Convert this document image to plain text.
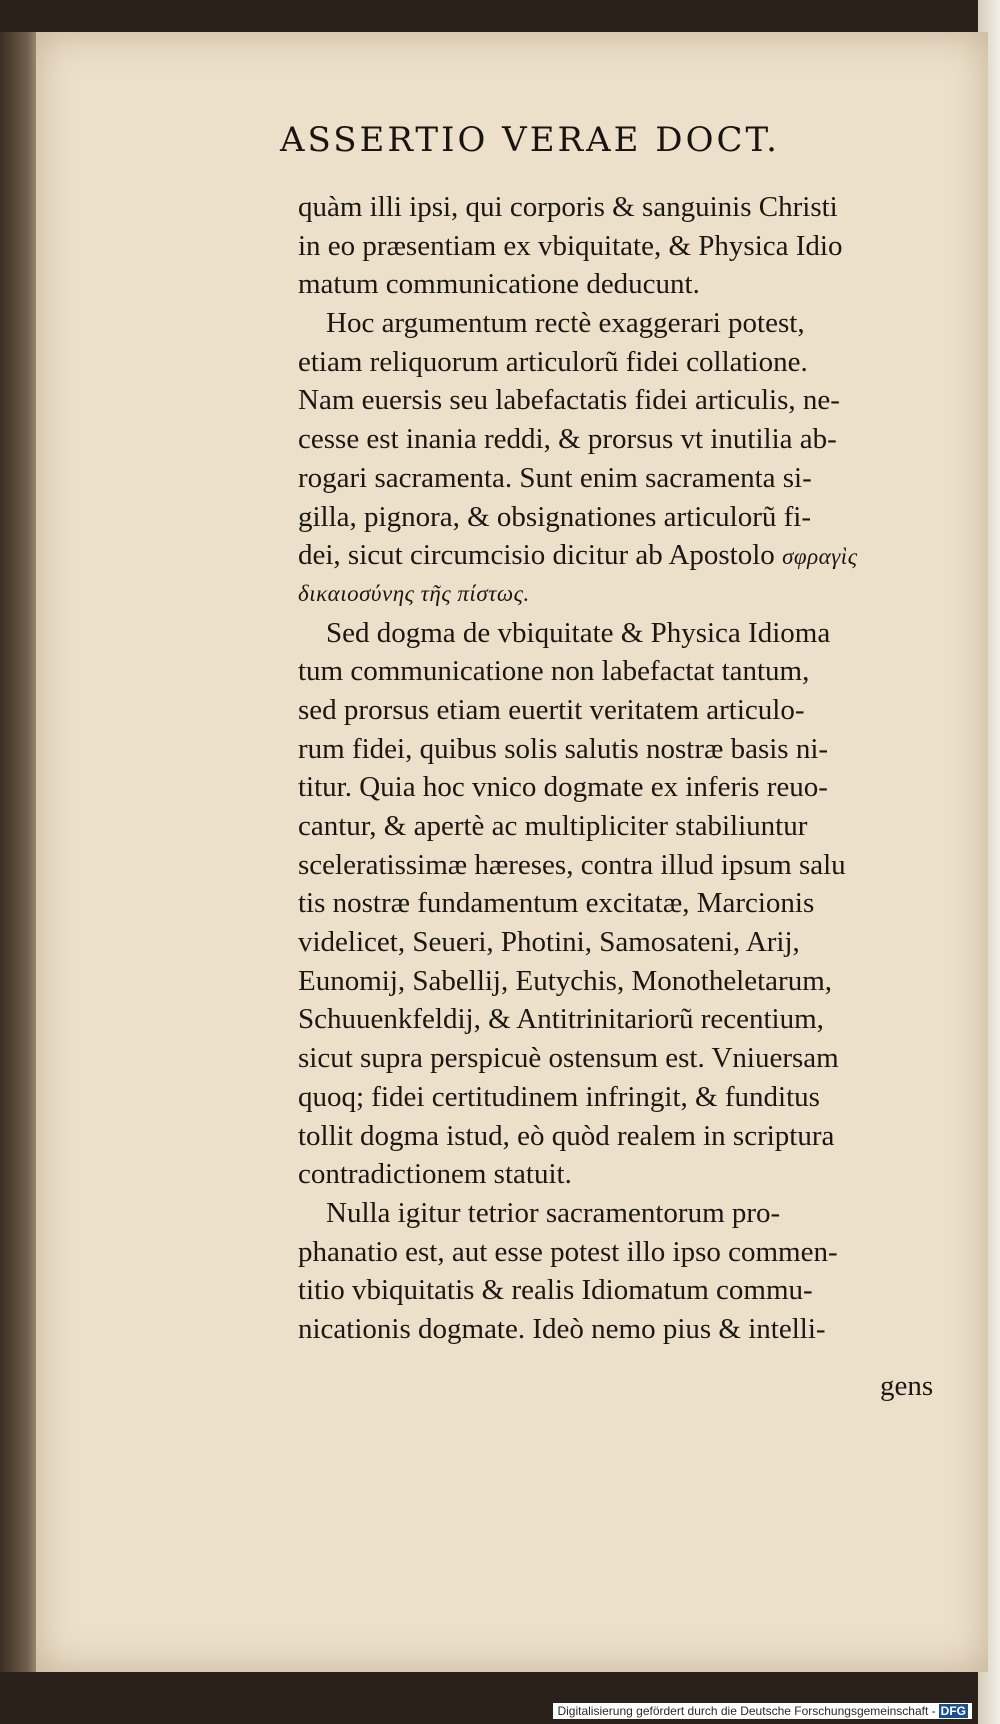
ASSERTIO VERAE DOCT.
quàm illi ipsi, qui corporis & sanguinis Christi
in eo præsentiam ex vbiquitate, & Physica Idio
matum communicatione deducunt.
Hoc argumentum rectè exaggerari potest,
etiam reliquorum articulorũ fidei collatione.
Nam euersis seu labefactatis fidei articulis, ne-
cesse est inania reddi, & prorsus vt inutilia ab-
rogari sacramenta. Sunt enim sacramenta si-
gilla, pignora, & obsignationes articulorũ fi-
dei, sicut circumcisio dicitur ab Apostolo σφραγὶς
δικαιοσύνης τῆς πίστως.
Sed dogma de vbiquitate & Physica Idioma
tum communicatione non labefactat tantum,
sed prorsus etiam euertit veritatem articulo-
rum fidei, quibus solis salutis nostræ basis ni-
titur. Quia hoc vnico dogmate ex inferis reuo-
cantur, & apertè ac multipliciter stabiliuntur
sceleratissimæ hæreses, contra illud ipsum salu
tis nostræ fundamentum excitatæ, Marcionis
videlicet, Seueri, Photini, Samosateni, Arij,
Eunomij, Sabellij, Eutychis, Monotheletarum,
Schuuenkfeldij, & Antitrinitariorũ recentium,
sicut supra perspicuè ostensum est. Vniuersam
quoq; fidei certitudinem infringit, & funditus
tollit dogma istud, eò quòd realem in scriptura
contradictionem statuit.
Nulla igitur tetrior sacramentorum pro-
phanatio est, aut esse potest illo ipso commen-
titio vbiquitatis & realis Idiomatum commu-
nicationis dogmate. Ideò nemo pius & intelli-
gens
Digitalisierung gefördert durch die Deutsche Forschungsgemeinschaft - DFG
